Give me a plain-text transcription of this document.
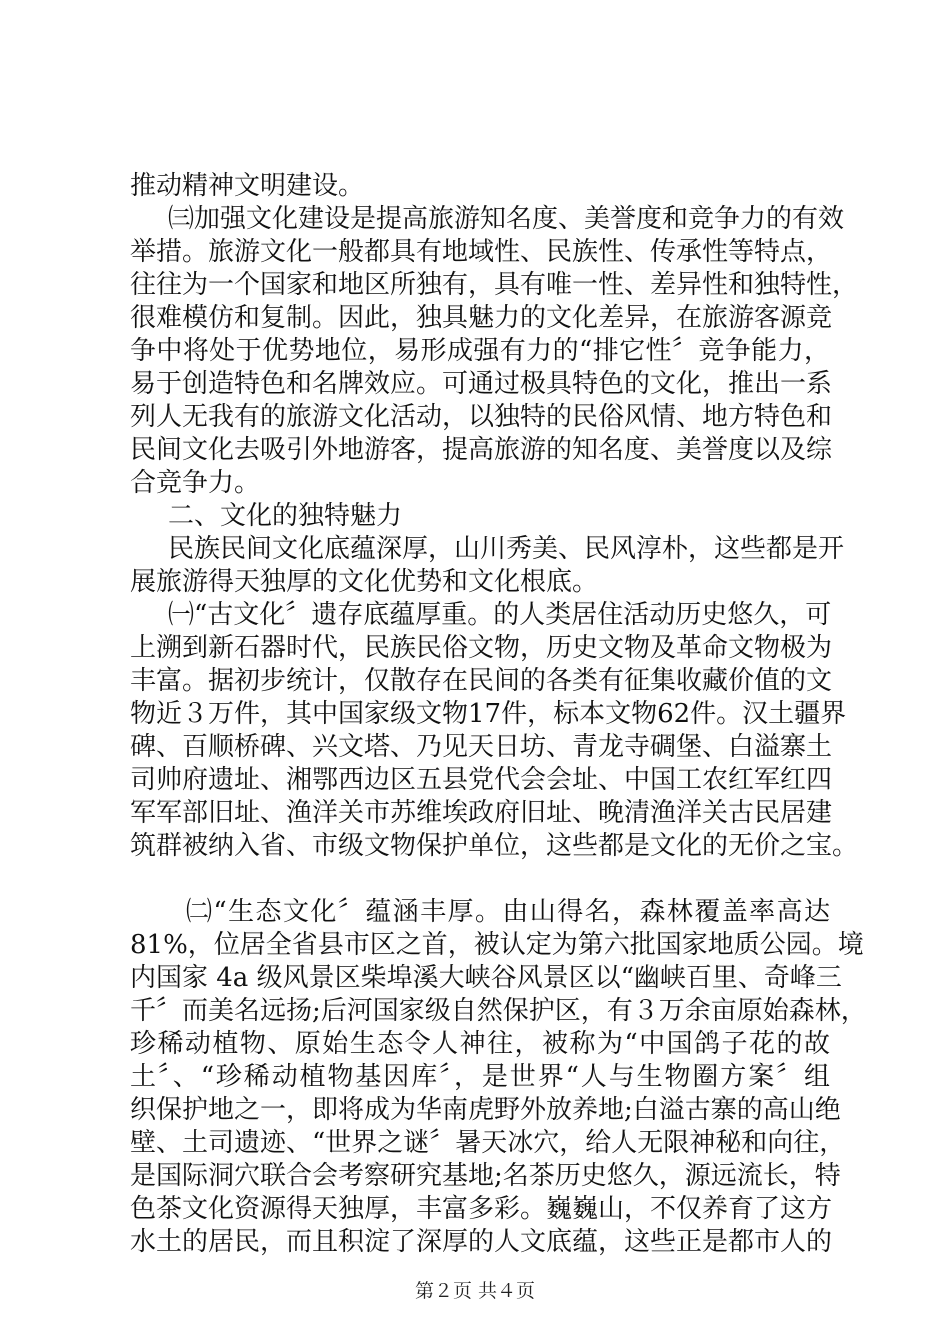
推动精神文明建设。
㈢加强文化建设是提高旅游知名度、美誉度和竞争力的有效
举措。旅游文化一般都具有地域性、民族性、传承性等特点，
往往为一个国家和地区所独有，具有唯一性、差异性和独特性，
很难模仿和复制。因此，独具魅力的文化差异，在旅游客源竞
争中将处于优势地位，易形成强有力的“排它性〞竞争能力，
易于创造特色和名牌效应。可通过极具特色的文化，推出一系
列人无我有的旅游文化活动，以独特的民俗风情、地方特色和
民间文化去吸引外地游客，提高旅游的知名度、美誉度以及综
合竞争力。
二、文化的独特魅力
民族民间文化底蕴深厚，山川秀美、民风淳朴，这些都是开
展旅游得天独厚的文化优势和文化根底。
㈠“古文化〞遗存底蕴厚重。的人类居住活动历史悠久，可
上溯到新石器时代，民族民俗文物，历史文物及革命文物极为
丰富。据初步统计，仅散存在民间的各类有征集收藏价值的文
物近３万件，其中国家级文物17件，标本文物62件。汉土疆界
碑、百顺桥碑、兴文塔、乃见天日坊、青龙寺碉堡、白溢寨土
司帅府遗址、湘鄂西边区五县党代会会址、中国工农红军红四
军军部旧址、渔洋关市苏维埃政府旧址、晚清渔洋关古民居建
筑群被纳入省、市级文物保护单位，这些都是文化的无价之宝。
㈡“生态文化〞蕴涵丰厚。由山得名，森林覆盖率高达
81%，位居全省县市区之首，被认定为第六批国家地质公园。境
内国家 4a 级风景区柴埠溪大峡谷风景区以“幽峡百里、奇峰三
千〞而美名远扬;后河国家级自然保护区，有３万余亩原始森林，
珍稀动植物、原始生态令人神往，被称为“中国鸽子花的故
土〞、“珍稀动植物基因库〞，是世界“人与生物圈方案〞组
织保护地之一，即将成为华南虎野外放养地;白溢古寨的高山绝
壁、土司遗迹、“世界之谜〞暑天冰穴，给人无限神秘和向往，
是国际洞穴联合会考察研究基地;名茶历史悠久，源远流长，特
色茶文化资源得天独厚，丰富多彩。巍巍山，不仅养育了这方
水土的居民，而且积淀了深厚的人文底蕴，这些正是都市人的
第２页 共４页
